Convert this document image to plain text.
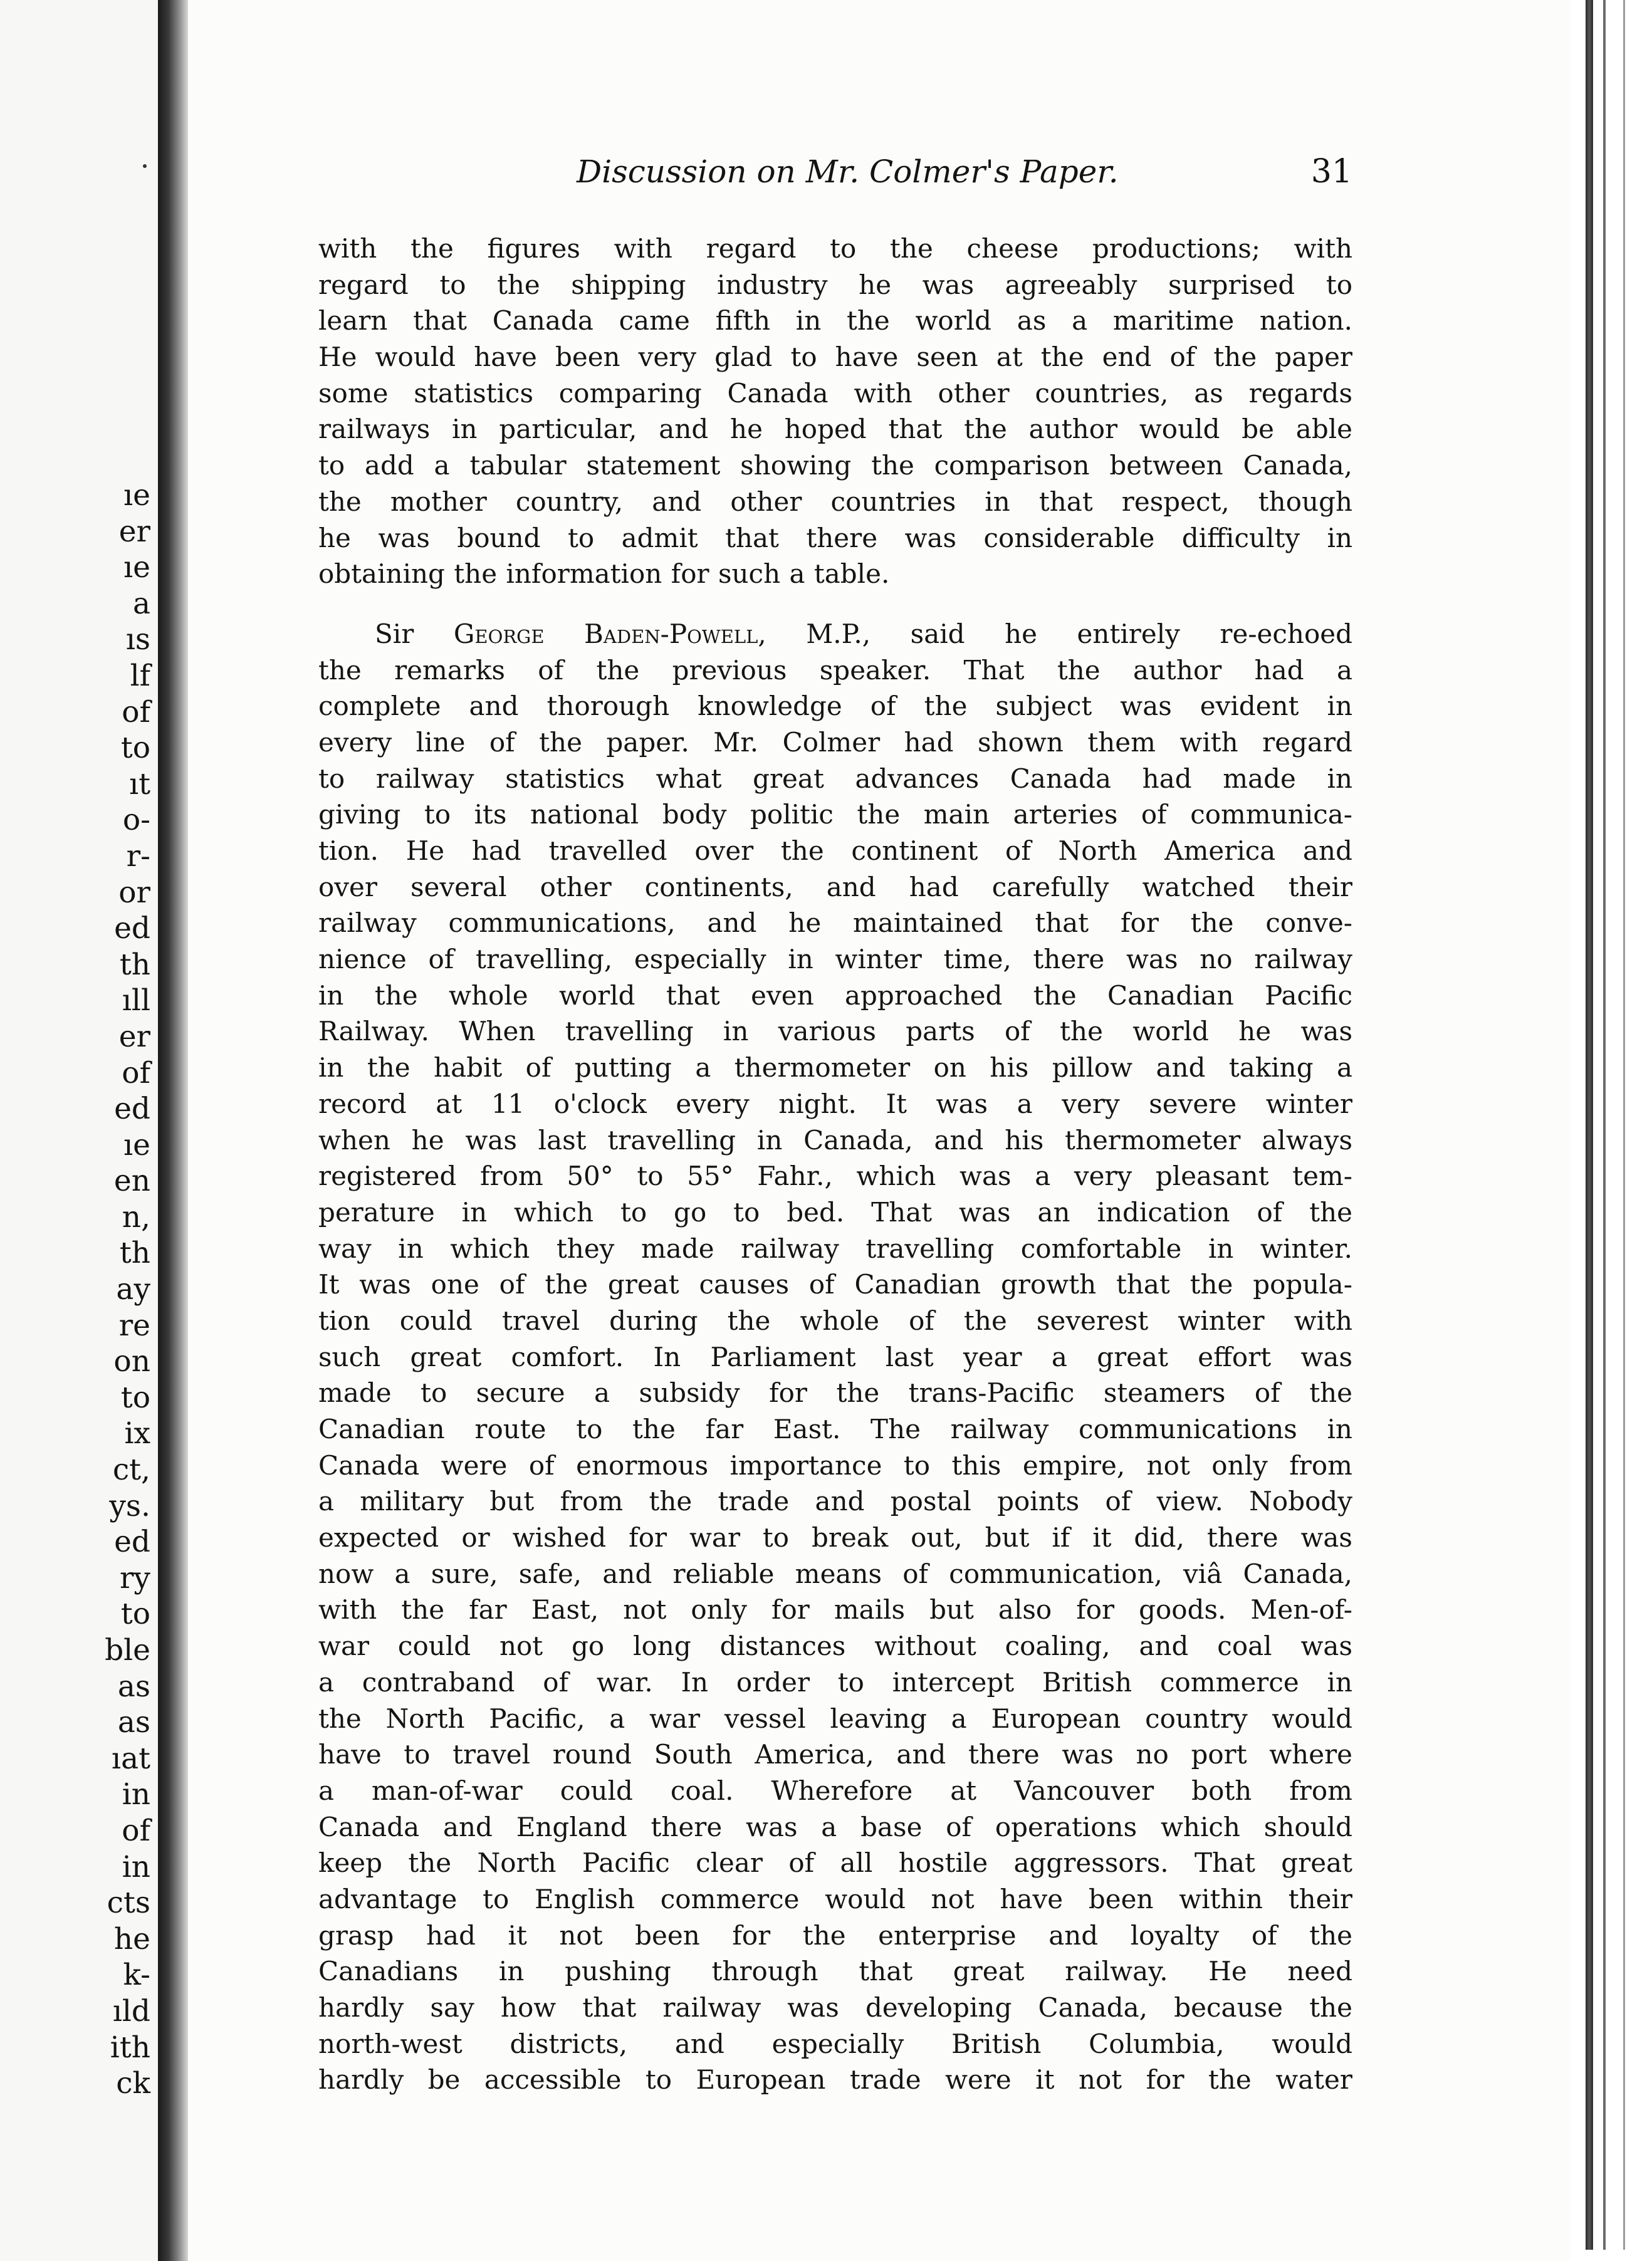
ıe
er
ıe
a
ıs
lf
of
to
ıt
o-
r-
or
ed
th
ıll
er
of
ed
ıe
en
n,
th
ay
re
on
to
ix
ct,
ys.
ed
ry
to
ble
as
as
ıat
in
of
in
cts
he
k-
ıld
ith
ck
Discussion on Mr. Colmer's Paper.	31

with the figures with regard to the cheese productions; with
regard to the shipping industry he was agreeably surprised to
learn that Canada came fifth in the world as a maritime nation.
He would have been very glad to have seen at the end of the paper
some statistics comparing Canada with other countries, as regards
railways in particular, and he hoped that the author would be able
to add a tabular statement showing the comparison between Canada,
the mother country, and other countries in that respect, though
he was bound to admit that there was considerable difficulty in
obtaining the information for such a table.

Sir George Baden-Powell, M.P., said he entirely re-echoed
the remarks of the previous speaker. That the author had a
complete and thorough knowledge of the subject was evident in
every line of the paper. Mr. Colmer had shown them with regard
to railway statistics what great advances Canada had made in
giving to its national body politic the main arteries of communica-
tion. He had travelled over the continent of North America and
over several other continents, and had carefully watched their
railway communications, and he maintained that for the conve-
nience of travelling, especially in winter time, there was no railway
in the whole world that even approached the Canadian Pacific
Railway. When travelling in various parts of the world he was
in the habit of putting a thermometer on his pillow and taking a
record at 11 o'clock every night. It was a very severe winter
when he was last travelling in Canada, and his thermometer always
registered from 50° to 55° Fahr., which was a very pleasant tem-
perature in which to go to bed. That was an indication of the
way in which they made railway travelling comfortable in winter.
It was one of the great causes of Canadian growth that the popula-
tion could travel during the whole of the severest winter with
such great comfort. In Parliament last year a great effort was
made to secure a subsidy for the trans-Pacific steamers of the
Canadian route to the far East. The railway communications in
Canada were of enormous importance to this empire, not only from
a military but from the trade and postal points of view. Nobody
expected or wished for war to break out, but if it did, there was
now a sure, safe, and reliable means of communication, viâ Canada,
with the far East, not only for mails but also for goods. Men-of-
war could not go long distances without coaling, and coal was
a contraband of war. In order to intercept British commerce in
the North Pacific, a war vessel leaving a European country would
have to travel round South America, and there was no port where
a man-of-war could coal. Wherefore at Vancouver both from
Canada and England there was a base of operations which should
keep the North Pacific clear of all hostile aggressors. That great
advantage to English commerce would not have been within their
grasp had it not been for the enterprise and loyalty of the
Canadians in pushing through that great railway. He need
hardly say how that railway was developing Canada, because the
north-west districts, and especially British Columbia, would
hardly be accessible to European trade were it not for the water
